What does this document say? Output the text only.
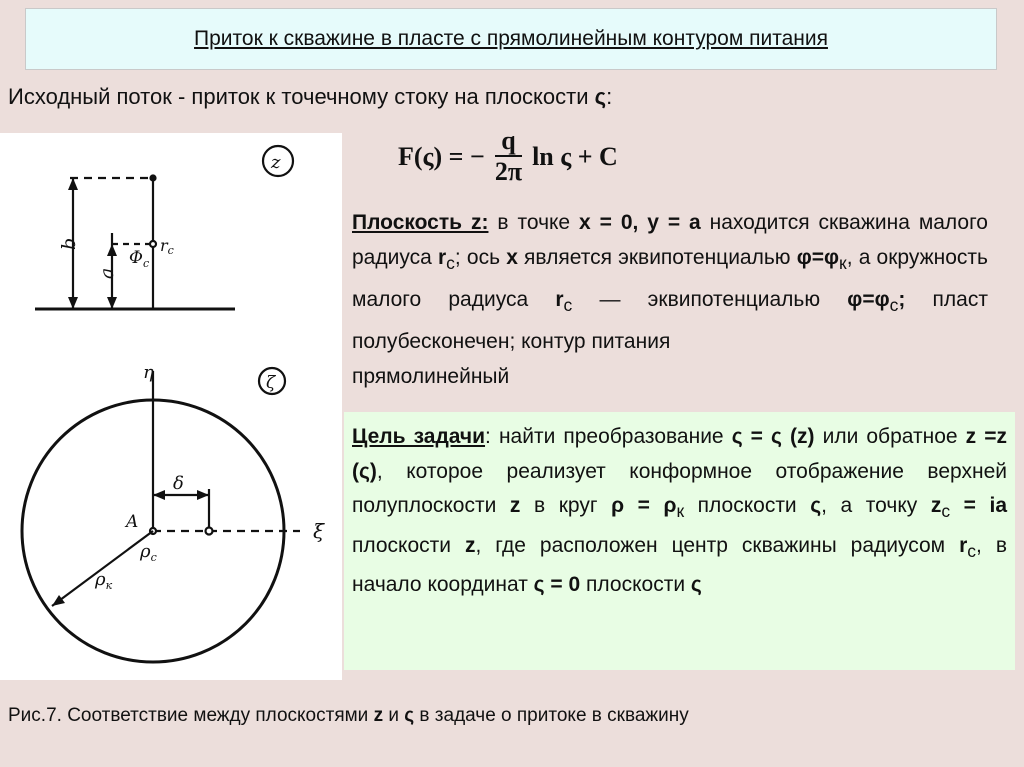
Приток к скважине в пласте с прямолинейным контуром питания
Исходный поток - приток к точечному стоку на плоскости ς:
F(ς) = − $\frac{q}{2\pi}$ ln ς + C
z
b
a
$\Phi_c$
rc
ζ
η
ξ
δ
A
$\rho_c$
$\rho_к$
Плоскость z: в точке х = 0, у = а находится скважина малого радиуса $r_с$; ось х является эквипотенциалью $\varphi=\varphi_к$, а окружность малого радиуса $r_с$ — эквипотенциалью $\varphi=\varphi_с$; пласт полубесконечен; контур питания
прямолинейный
Цель задачи: найти преобразование ς = ς (z) или обратное z =z (ς), которое реализует конформное отображение верхней полуплоскости z в круг $\rho = \rho_к$ плоскости ς, а точку $z_с$ = ia плоскости z, где расположен центр скважины радиусом $r_с$, в начало координат ς = 0 плоскости ς
Рис.7. Соответствие между плоскостями z и ς в задаче о притоке в скважину
